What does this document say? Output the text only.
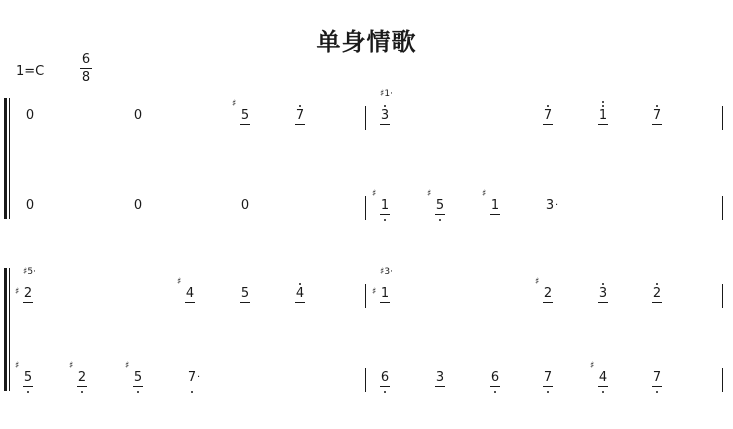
单身情歌
1=C
6
8
0	0	5
♯
7	3
♯1·
7	1	7
0	0	0	1
♯
5
♯
1
♯
3 ·
2
♯
♯5·
4
♯
5	4	1
♯
♯3·
2
♯
3	2
5
♯
2
♯
5
♯
7 ·	6	3	6	7	4
♯
7
